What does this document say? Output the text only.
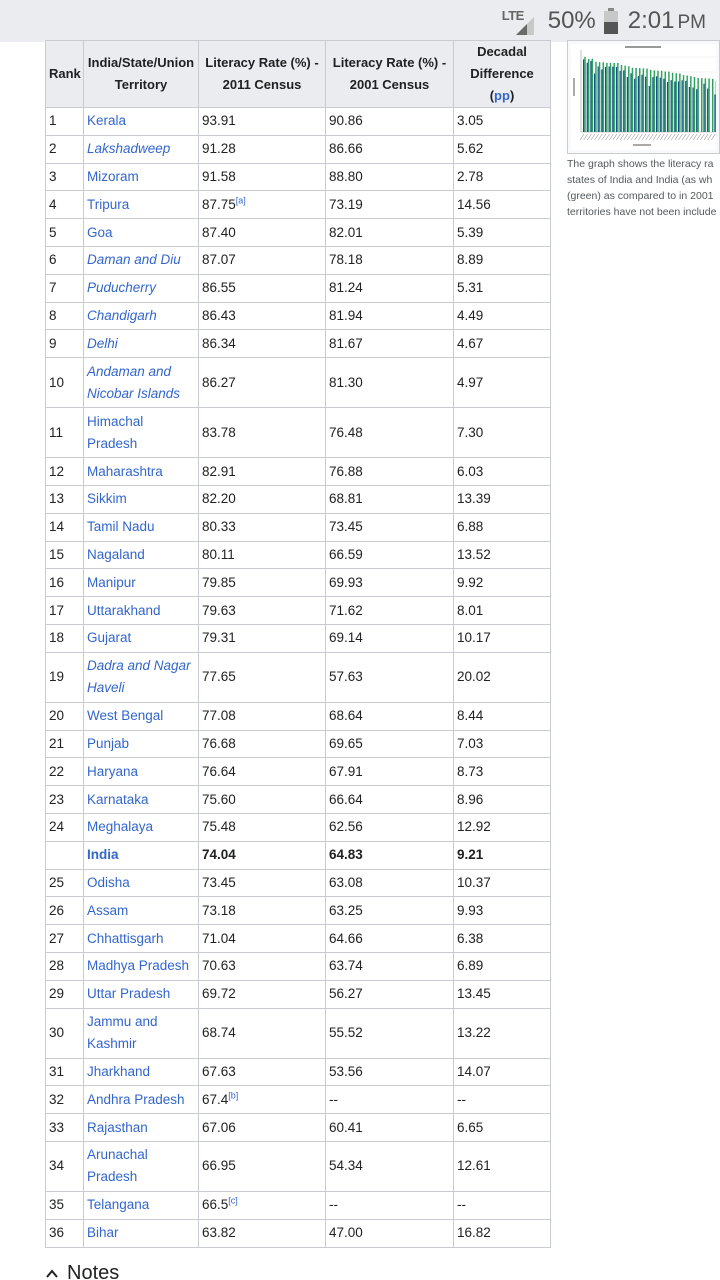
LTE 50% 2:01 PM
Rank	India/State/Union Territory	Literacy Rate (%) - 2011 Census	Literacy Rate (%) - 2001 Census	Decadal Difference
(pp)
1	Kerala	93.91	90.86	3.05
2	Lakshadweep	91.28	86.66	5.62
3	Mizoram	91.58	88.80	2.78
4	Tripura	87.75[a]	73.19	14.56
5	Goa	87.40	82.01	5.39
6	Daman and Diu	87.07	78.18	8.89
7	Puducherry	86.55	81.24	5.31
8	Chandigarh	86.43	81.94	4.49
9	Delhi	86.34	81.67	4.67
10	Andaman and Nicobar Islands	86.27	81.30	4.97
11	Himachal Pradesh	83.78	76.48	7.30
12	Maharashtra	82.91	76.88	6.03
13	Sikkim	82.20	68.81	13.39
14	Tamil Nadu	80.33	73.45	6.88
15	Nagaland	80.11	66.59	13.52
16	Manipur	79.85	69.93	9.92
17	Uttarakhand	79.63	71.62	8.01
18	Gujarat	79.31	69.14	10.17
19	Dadra and Nagar Haveli	77.65	57.63	20.02
20	West Bengal	77.08	68.64	8.44
21	Punjab	76.68	69.65	7.03
22	Haryana	76.64	67.91	8.73
23	Karnataka	75.60	66.64	8.96
24	Meghalaya	75.48	62.56	12.92
	India	74.04	64.83	9.21
25	Odisha	73.45	63.08	10.37
26	Assam	73.18	63.25	9.93
27	Chhattisgarh	71.04	64.66	6.38
28	Madhya Pradesh	70.63	63.74	6.89
29	Uttar Pradesh	69.72	56.27	13.45
30	Jammu and Kashmir	68.74	55.52	13.22
31	Jharkhand	67.63	53.56	14.07
32	Andhra Pradesh	67.4[b]	--	--
33	Rajasthan	67.06	60.41	6.65
34	Arunachal Pradesh	66.95	54.34	12.61
35	Telangana	66.5[c]	--	--
36	Bihar	63.82	47.00	16.82
The graph shows the literacy ra
states of India and India (as wh
(green) as compared to in 2001
territories have not been include
Notes
